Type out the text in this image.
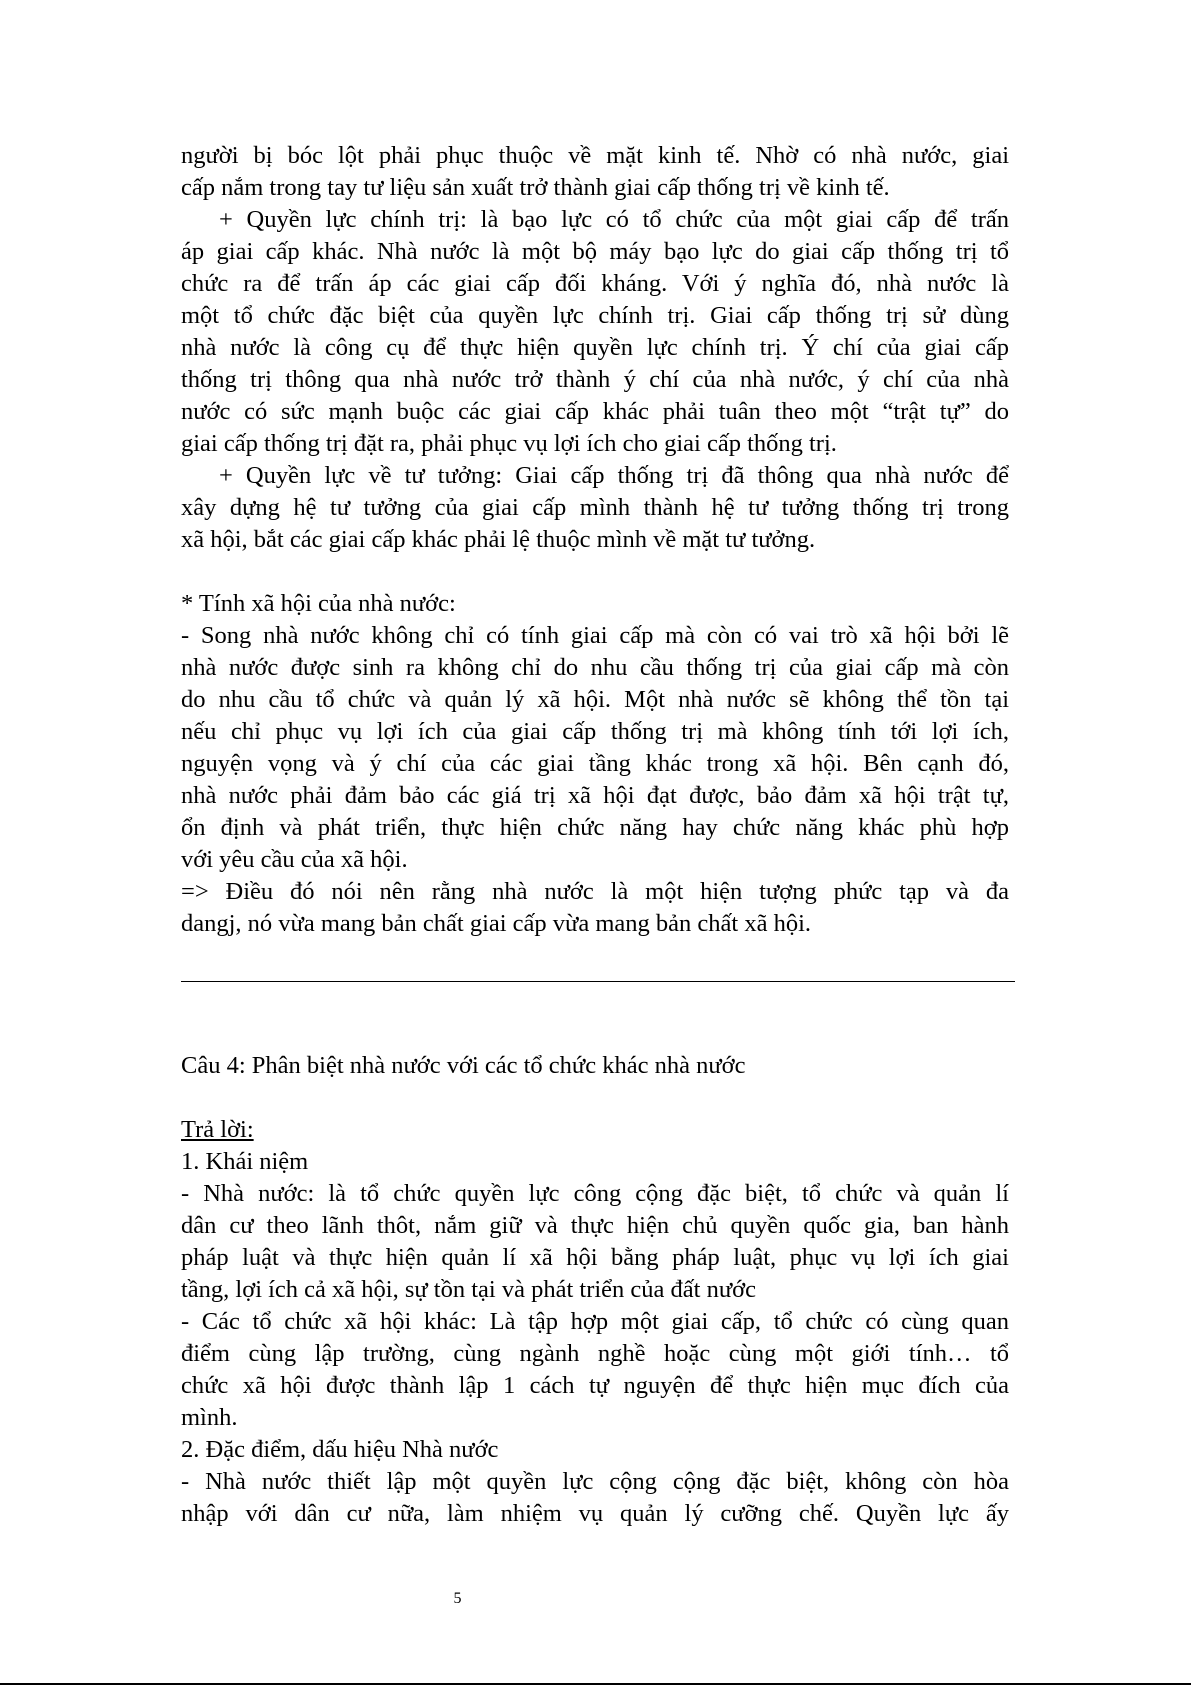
người bị bóc lột phải phục thuộc về mặt kinh tế. Nhờ có nhà nước, giai
cấp nắm trong tay tư liệu sản xuất trở thành giai cấp thống trị về kinh tế.
+ Quyền lực chính trị: là bạo lực có tổ chức của một giai cấp để trấn
áp giai cấp khác. Nhà nước là một bộ máy bạo lực do giai cấp thống trị tổ
chức ra để trấn áp các giai cấp đối kháng. Với ý nghĩa đó, nhà nước là
một tổ chức đặc biệt của quyền lực chính trị. Giai cấp thống trị sử dùng
nhà nước là công cụ để thực hiện quyền lực chính trị. Ý chí của giai cấp
thống trị thông qua nhà nước trở thành ý chí của nhà nước, ý chí của nhà
nước có sức mạnh buộc các giai cấp khác phải tuân theo một “trật tự” do
giai cấp thống trị đặt ra, phải phục vụ lợi ích cho giai cấp thống trị.
+ Quyền lực về tư tưởng: Giai cấp thống trị đã thông qua nhà nước để
xây dựng hệ tư tưởng của giai cấp mình thành hệ tư tưởng thống trị trong
xã hội, bắt các giai cấp khác phải lệ thuộc mình về mặt tư tưởng.
* Tính xã hội của nhà nước:
- Song nhà nước không chỉ có tính giai cấp mà còn có vai trò xã hội bởi lẽ
nhà nước được sinh ra không chỉ do nhu cầu thống trị của giai cấp mà còn
do nhu cầu tổ chức và quản lý xã hội. Một nhà nước sẽ không thể tồn tại
nếu chỉ phục vụ lợi ích của giai cấp thống trị mà không tính tới lợi ích,
nguyện vọng và ý chí của các giai tầng khác trong xã hội. Bên cạnh đó,
nhà nước phải đảm bảo các giá trị xã hội đạt được, bảo đảm xã hội trật tự,
ổn định và phát triển, thực hiện chức năng hay chức năng khác phù hợp
với yêu cầu của xã hội.
=> Điều đó nói nên rằng nhà nước là một hiện tượng phức tạp và đa
dangj, nó vừa mang bản chất giai cấp vừa mang bản chất xã hội.
Câu 4: Phân biệt nhà nước với các tổ chức khác nhà nước
Trả lời:
1. Khái niệm
- Nhà nước: là tổ chức quyền lực công cộng đặc biệt, tổ chức và quản lí
dân cư theo lãnh thôt, nắm giữ và thực hiện chủ quyền quốc gia, ban hành
pháp luật và thực hiện quản lí xã hội bằng pháp luật, phục vụ lợi ích giai
tầng, lợi ích cả xã hội, sự tồn tại và phát triển của đất nước
- Các tổ chức xã hội khác: Là tập hợp một giai cấp, tổ chức có cùng quan
điểm cùng lập trường, cùng ngành nghề hoặc cùng một giới tính… tổ
chức xã hội được thành lập 1 cách tự nguyện để thực hiện mục đích của
mình.
2. Đặc điểm, dấu hiệu Nhà nước
- Nhà nước thiết lập một quyền lực cộng cộng đặc biệt, không còn hòa
nhập với dân cư nữa, làm nhiệm vụ quản lý cưỡng chế. Quyền lực ấy
5
